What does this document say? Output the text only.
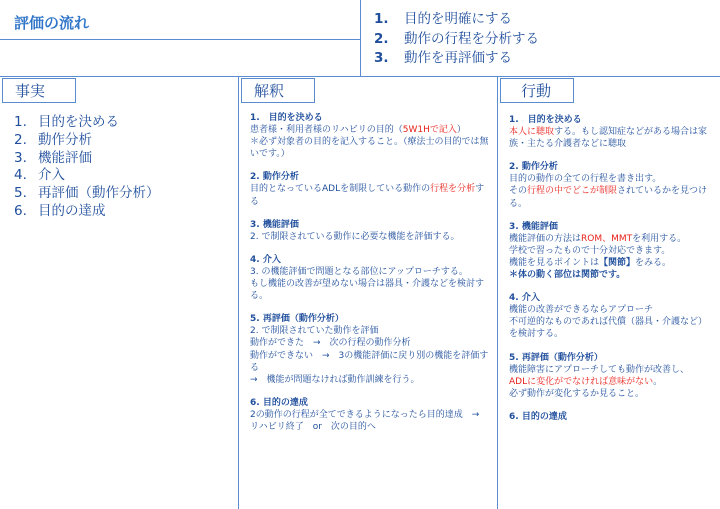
評価の流れ	1. 目的を明確にする
2. 動作の行程を分析する
3. 動作を再評価する
事実	解釈	行動
1. 目的を決める
2. 動作分析
3. 機能評価
4. 介入
5. 再評価（動作分析）
6. 目的の達成

1.　目的を決める

患者様・利用者様のリハビリの目的（5W1Hで記入）

＊必ず対象者の目的を記入すること。（療法士の目的では無いです。）

2. 動作分析

目的となっているADLを制限している動作の行程を分析する

3. 機能評価

2. で制限されている動作に必要な機能を評価する。

4. 介入

3. の機能評価で問題となる部位にアップローチする。

もし機能の改善が望めない場合は器具・介護などを検討する。

5. 再評価（動作分析）

2. で制限されていた動作を評価

動作ができた　→　次の行程の動作分析

動作ができない　→　3の機能評価に戻り別の機能を評価する

→　機能が問題なければ動作訓練を行う。

6. 目的の達成

2の動作の行程が全てできるようになったら目的達成　→　リハビリ終了　or　次の目的へ

1.　目的を決める

本人に聴取する。もし認知症などがある場合は家族・主たる介護者などに聴取

2. 動作分析

目的の動作の全ての行程を書き出す。

その行程の中でどこが制限されているかを見つける。

3. 機能評価

機能評価の方法はROM、MMTを利用する。

学校で習ったもので十分対応できます。

機能を見るポイントは【関節】をみる。

＊体の動く部位は関節です。

4. 介入

機能の改善ができるならアプローチ

不可逆的なものであれば代償（器具・介護など）を検討する。

5. 再評価（動作分析）

機能障害にアプローチしても動作が改善し、

ADLに変化がでなければ意味がない。

必ず動作が変化するか見ること。

6. 目的の達成
